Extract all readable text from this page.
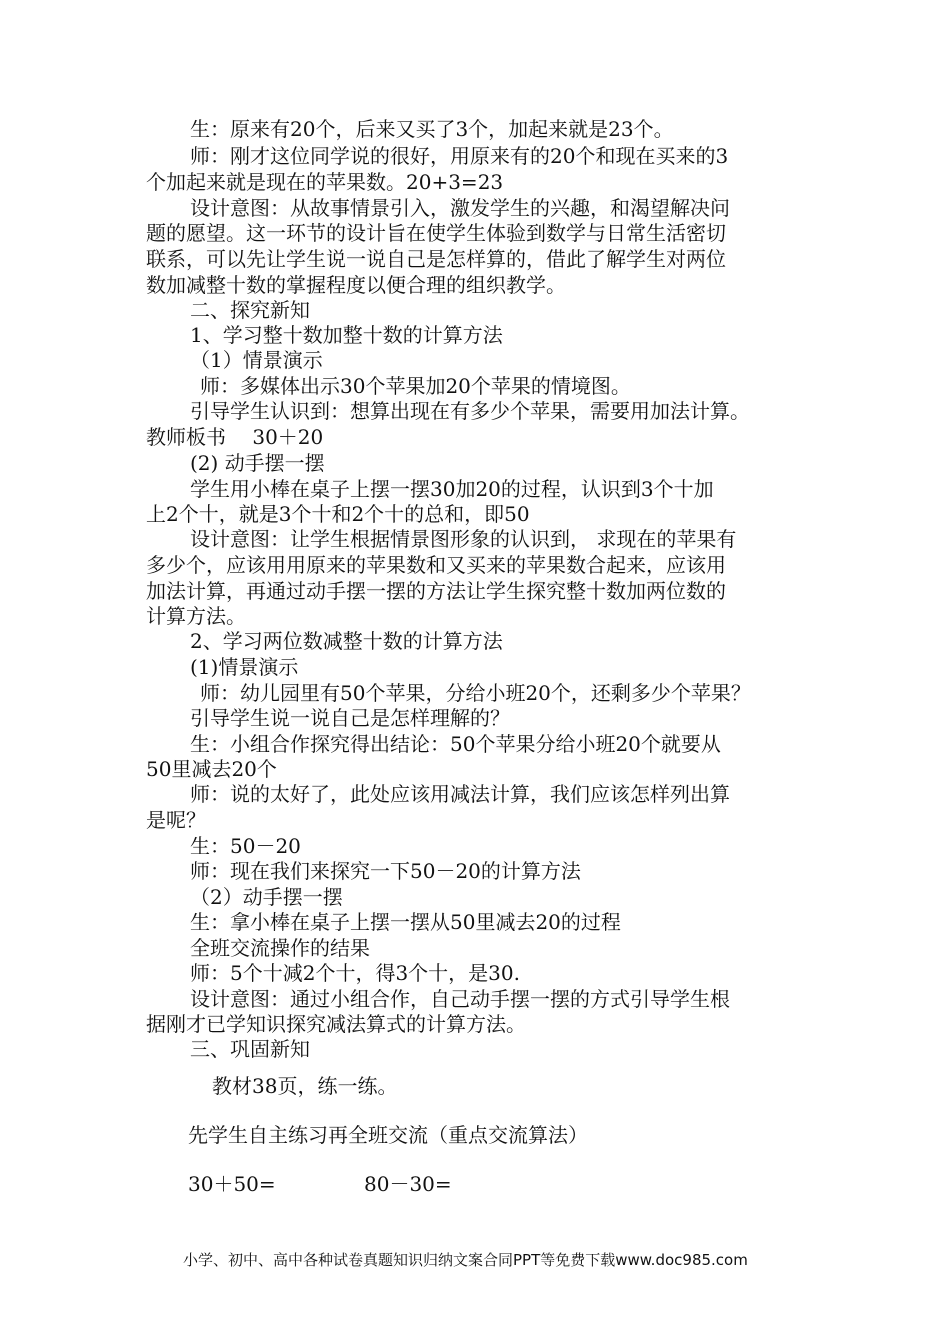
生：原来有20个，后来又买了3个，加起来就是23个。
师：刚才这位同学说的很好，用原来有的20个和现在买来的3
个加起来就是现在的苹果数。20+3=23
设计意图：从故事情景引入，激发学生的兴趣，和渴望解决问
题的愿望。这一环节的设计旨在使学生体验到数学与日常生活密切
联系，可以先让学生说一说自己是怎样算的，借此了解学生对两位
数加减整十数的掌握程度以便合理的组织教学。
二、探究新知
1、学习整十数加整十数的计算方法
（1）情景演示
师：多媒体出示30个苹果加20个苹果的情境图。
引导学生认识到：想算出现在有多少个苹果，需要用加法计算。
教师板书　 30＋20
(2) 动手摆一摆
学生用小棒在桌子上摆一摆30加20的过程，认识到3个十加
上2个十，就是3个十和2个十的总和，即50
设计意图：让学生根据情景图形象的认识到， 求现在的苹果有
多少个，应该用用原来的苹果数和又买来的苹果数合起来，应该用
加法计算，再通过动手摆一摆的方法让学生探究整十数加两位数的
计算方法。
2、学习两位数减整十数的计算方法
(1)情景演示
师：幼儿园里有50个苹果，分给小班20个，还剩多少个苹果？
引导学生说一说自己是怎样理解的？
生：小组合作探究得出结论：50个苹果分给小班20个就要从
50里减去20个
师：说的太好了，此处应该用减法计算，我们应该怎样列出算
是呢？
生：50－20
师：现在我们来探究一下50－20的计算方法
（2）动手摆一摆
生：拿小棒在桌子上摆一摆从50里减去20的过程
全班交流操作的结果
师：5个十减2个十，得3个十，是30.
设计意图：通过小组合作，自己动手摆一摆的方式引导学生根
据刚才已学知识探究减法算式的计算方法。
三、巩固新知
教材38页，练一练。
先学生自主练习再全班交流（重点交流算法）
30＋50=	80－30=
小学、初中、高中各种试卷真题知识归纳文案合同PPT等免费下载www.doc985.com
